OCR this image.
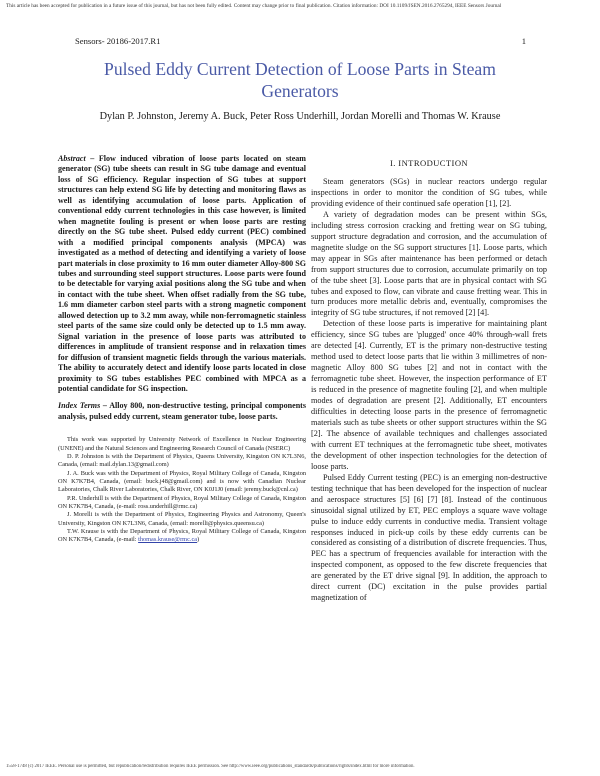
This article has been accepted for publication in a future issue of this journal, but has not been fully edited. Content may change prior to final publication. Citation information: DOI 10.1109/JSEN.2016.2765294, IEEE Sensors Journal
Sensors- 20186-2017.R1	1
Pulsed Eddy Current Detection of Loose Parts in Steam Generators
Dylan P. Johnston, Jeremy A. Buck, Peter Ross Underhill, Jordan Morelli and Thomas W. Krause

Abstract – Flow induced vibration of loose parts located on steam generator (SG) tube sheets can result in SG tube damage and eventual loss of SG efficiency. Regular inspection of SG tubes at support structures can help extend SG life by detecting and monitoring flaws as well as identifying accumulation of loose parts. Application of conventional eddy current technologies in this case however, is limited when magnetite fouling is present or when loose parts are resting directly on the SG tube sheet. Pulsed eddy current (PEC) combined with a modified principal components analysis (MPCA) was investigated as a method of detecting and identifying a variety of loose part materials in close proximity to 16 mm outer diameter Alloy-800 SG tubes and surrounding steel support structures. Loose parts were found to be detectable for varying axial positions along the SG tube and when in contact with the tube sheet. When offset radially from the SG tube, 1.6 mm diameter carbon steel parts with a strong magnetic component allowed detection up to 3.2 mm away, while non-ferromagnetic stainless steel parts of the same size could only be detected up to 1.5 mm away. Signal variation in the presence of loose parts was attributed to differences in amplitude of transient response and in relaxation times for diffusion of transient magnetic fields through the various materials. The ability to accurately detect and identify loose parts located in close proximity to SG tubes establishes PEC combined with MPCA as a potential candidate for SG inspection.

Index Terms – Alloy 800, non-destructive testing, principal components analysis, pulsed eddy current, steam generator tube, loose parts.

This work was supported by University Network of Excellence in Nuclear Engineering (UNENE) and the Natural Sciences and Engineering Research Council of Canada (NSERC)

D. P. Johnston is with the Department of Physics, Queens University, Kingston ON K7L3N6, Canada, (email: mail.dylan.13@gmail.com)

J. A. Buck was with the Department of Physics, Royal Military College of Canada, Kingston ON K7K7B4, Canada, (email: buck.j48@gmail.com) and is now with Canadian Nuclear Laboratories, Chalk River Laboratories, Chalk River, ON K0J1J0 (email: jeremy.buck@cnl.ca)

P.R. Underhill is with the Department of Physics, Royal Military College of Canada, Kingston ON K7K7B4, Canada, (e-mail: ross.underhill@rmc.ca)

J. Morelli is with the Department of Physics, Engineering Physics and Astronomy, Queen's University, Kingston ON K7L3N6, Canada, (email: morelli@physics.queensu.ca)

T.W. Krause is with the Department of Physics, Royal Military College of Canada, Kingston ON K7K7B4, Canada, (e-mail: thomas.krause@rmc.ca)

I. INTRODUCTION

Steam generators (SGs) in nuclear reactors undergo regular inspections in order to monitor the condition of SG tubes, while providing evidence of their continued safe operation [1], [2].

A variety of degradation modes can be present within SGs, including stress corrosion cracking and fretting wear on SG tubing, support structure degradation and corrosion, and the accumulation of magnetite sludge on the SG support structures [1]. Loose parts, which may appear in SGs after maintenance has been performed or detach from support structures due to corrosion, accumulate primarily on top of the tube sheet [3]. Loose parts that are in physical contact with SG tubes and exposed to flow, can vibrate and cause fretting wear. This in turn produces more metallic debris and, eventually, compromises the integrity of SG tube structures, if not removed [2] [4].

Detection of these loose parts is imperative for maintaining plant efficiency, since SG tubes are 'plugged' once 40% through-wall frets are detected [4]. Currently, ET is the primary non-destructive testing method used to detect loose parts that lie within 3 millimetres of non-magnetic Alloy 800 SG tubes [2] and not in contact with the ferromagnetic tube sheet. However, the inspection performance of ET is reduced in the presence of magnetite fouling [2], and when multiple modes of degradation are present [2]. Additionally, ET encounters difficulties in detecting loose parts in the presence of ferromagnetic materials such as tube sheets or other support structures within the SG [2]. The absence of available techniques and challenges associated with current ET techniques at the ferromagnetic tube sheet, motivates the development of other inspection technologies for the detection of loose parts.

Pulsed Eddy Current testing (PEC) is an emerging non-destructive testing technique that has been developed for the inspection of nuclear and aerospace structures [5] [6] [7] [8]. Instead of the continuous sinusoidal signal utilized by ET, PEC employs a square wave voltage pulse to induce eddy currents in conductive media. Transient voltage responses induced in pick-up coils by these eddy currents can be considered as consisting of a distribution of discrete frequencies. Thus, PEC has a spectrum of frequencies available for interaction with the inspected component, as opposed to the few discrete frequencies that are generated by the ET drive signal [9]. In addition, the approach to direct current (DC) excitation in the pulse provides partial magnetization of

1558-1748 (c) 2017 IEEE. Personal use is permitted, but republication/redistribution requires IEEE permission. See http://www.ieee.org/publications_standards/publications/rights/index.html for more information.
